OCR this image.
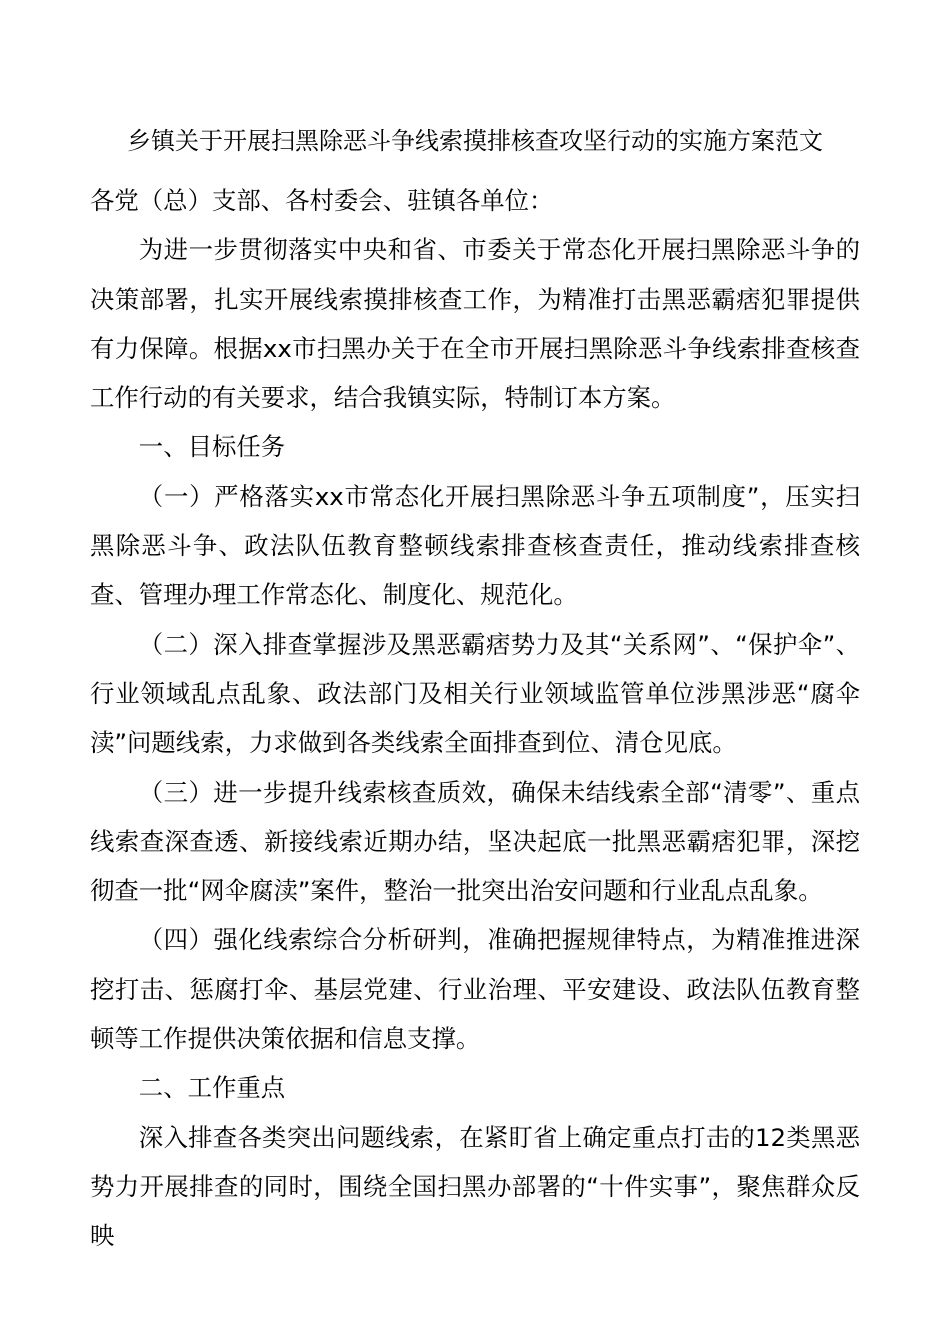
乡镇关于开展扫黑除恶斗争线索摸排核查攻坚行动的实施方案范文

各党（总）支部、各村委会、驻镇各单位：

为进一步贯彻落实中央和省、市委关于常态化开展扫黑除恶斗争的决策部署，扎实开展线索摸排核查工作，为精准打击黑恶霸痞犯罪提供有力保障。根据xx市扫黑办关于在全市开展扫黑除恶斗争线索排查核查工作行动的有关要求，结合我镇实际，特制订本方案。

一、目标任务

（一）严格落实xx市常态化开展扫黑除恶斗争五项制度”，压实扫黑除恶斗争、政法队伍教育整顿线索排查核查责任，推动线索排查核查、管理办理工作常态化、制度化、规范化。

（二）深入排查掌握涉及黑恶霸痞势力及其“关系网”、“保护伞”、行业领域乱点乱象、政法部门及相关行业领域监管单位涉黑涉恶“腐伞渎”问题线索，力求做到各类线索全面排查到位、清仓见底。

（三）进一步提升线索核查质效，确保未结线索全部“清零”、重点线索查深查透、新接线索近期办结，坚决起底一批黑恶霸痞犯罪，深挖彻查一批“网伞腐渎”案件，整治一批突出治安问题和行业乱点乱象。

（四）强化线索综合分析研判，准确把握规律特点，为精准推进深挖打击、惩腐打伞、基层党建、行业治理、平安建设、政法队伍教育整顿等工作提供决策依据和信息支撑。

二、工作重点

深入排查各类突出问题线索，在紧盯省上确定重点打击的12类黑恶势力开展排查的同时，围绕全国扫黑办部署的“十件实事”，聚焦群众反映
